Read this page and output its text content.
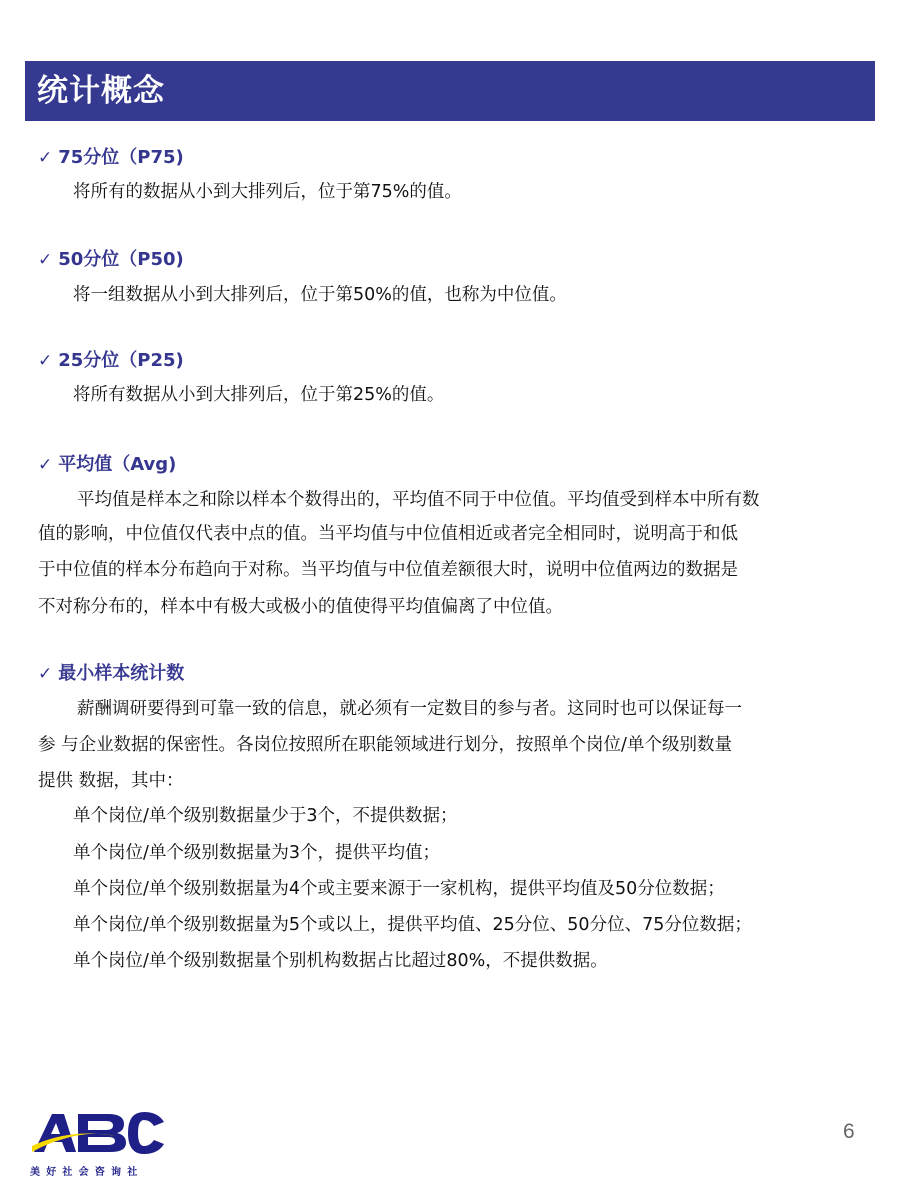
统计概念
✓ 75分位（P75)
将所有的数据从小到大排列后，位于第75%的值。
✓ 50分位（P50)
将一组数据从小到大排列后，位于第50%的值，也称为中位值。
✓ 25分位（P25)
将所有数据从小到大排列后，位于第25%的值。
✓ 平均值（Avg)
平均值是样本之和除以样本个数得出的，平均值不同于中位值。平均值受到样本中所有数
值的影响，中位值仅代表中点的值。当平均值与中位值相近或者完全相同时，说明高于和低
于中位值的样本分布趋向于对称。当平均值与中位值差额很大时，说明中位值两边的数据是
不对称分布的，样本中有极大或极小的值使得平均值偏离了中位值。
✓ 最小样本统计数
薪酬调研要得到可靠一致的信息，就必须有一定数目的参与者。这同时也可以保证每一
参 与企业数据的保密性。各岗位按照所在职能领域进行划分，按照单个岗位/单个级别数量
提供 数据，其中：
单个岗位/单个级别数据量少于3个，不提供数据；
单个岗位/单个级别数据量为3个，提供平均值；
单个岗位/单个级别数据量为4个或主要来源于一家机构，提供平均值及50分位数据；
单个岗位/单个级别数据量为5个或以上，提供平均值、25分位、50分位、75分位数据；
单个岗位/单个级别数据量个别机构数据占比超过80%，不提供数据。
美好社会咨询社
6
